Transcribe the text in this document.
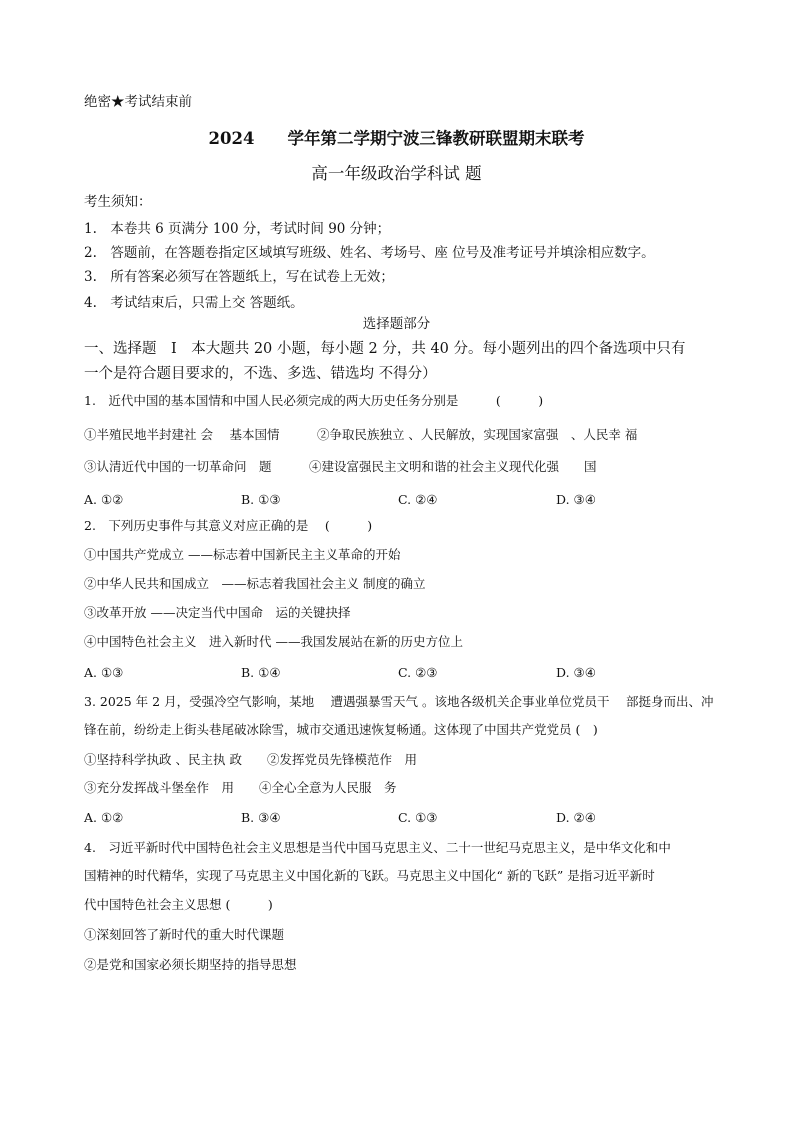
绝密★考试结束前
2024　　学年第二学期宁波三锋教研联盟期末联考
高一年级政治学科试 题
考生须知：
1.　本卷共 6 页满分 100 分，考试时间 90 分钟；
2.　答题前，在答题卷指定区域填写班级、姓名、考场号、座 位号及准考证号并填涂相应数字。
3.　所有答案必须写在答题纸上，写在试卷上无效；
4.　考试结束后，只需上交 答题纸。
选择题部分
一、选择题　I　本大题共 20 小题，每小题 2 分，共 40 分。每小题列出的四个备选项中只有
一个是符合题目要求的，不选、多选、错选均 不得分）
1.　近代中国的基本国情和中国人民必须完成的两大历史任务分别是　　　(　　　)
①半殖民地半封建社 会　 基本国情　　　②争取民族独立 、人民解放，实现国家富强　、人民幸 福
③认清近代中国的一切革命问　题　　　④建设富强民主文明和谐的社会主义现代化强　　国
A. ①②	B. ①③	C. ②④	D. ③④
2.　下列历史事件与其意义对应正确的是　 (　　　)
①中国共产党成立 ——标志着中国新民主主义革命的开始
②中华人民共和国成立　——标志着我国社会主义 制度的确立
③改革开放 ——决定当代中国命　运的关键抉择
④中国特色社会主义　进入新时代 ——我国发展站在新的历史方位上
A. ①③	B. ①④	C. ②③	D. ③④
3. 2025 年 2 月，受强冷空气影响，某地　 遭遇强暴雪天气 。该地各级机关企事业单位党员干　 部挺身而出、冲
锋在前，纷纷走上街头巷尾破冰除雪，城市交通迅速恢复畅通。这体现了中国共产党党员 (　)
①坚持科学执政 、民主执 政　　②发挥党员先锋模范作　用
③充分发挥战斗堡垒作　用　　④全心全意为人民服　务
A. ①②	B. ③④	C. ①③	D. ②④
4.　习近平新时代中国特色社会主义思想是当代中国马克思主义、二十一世纪马克思主义，是中华文化和中
国精神的时代精华，实现了马克思主义中国化新的飞跃。马克思主义中国化“ 新的飞跃” 是指习近平新时
代中国特色社会主义思想 (　　　)
①深刻回答了新时代的重大时代课题
②是党和国家必须长期坚持的指导思想
